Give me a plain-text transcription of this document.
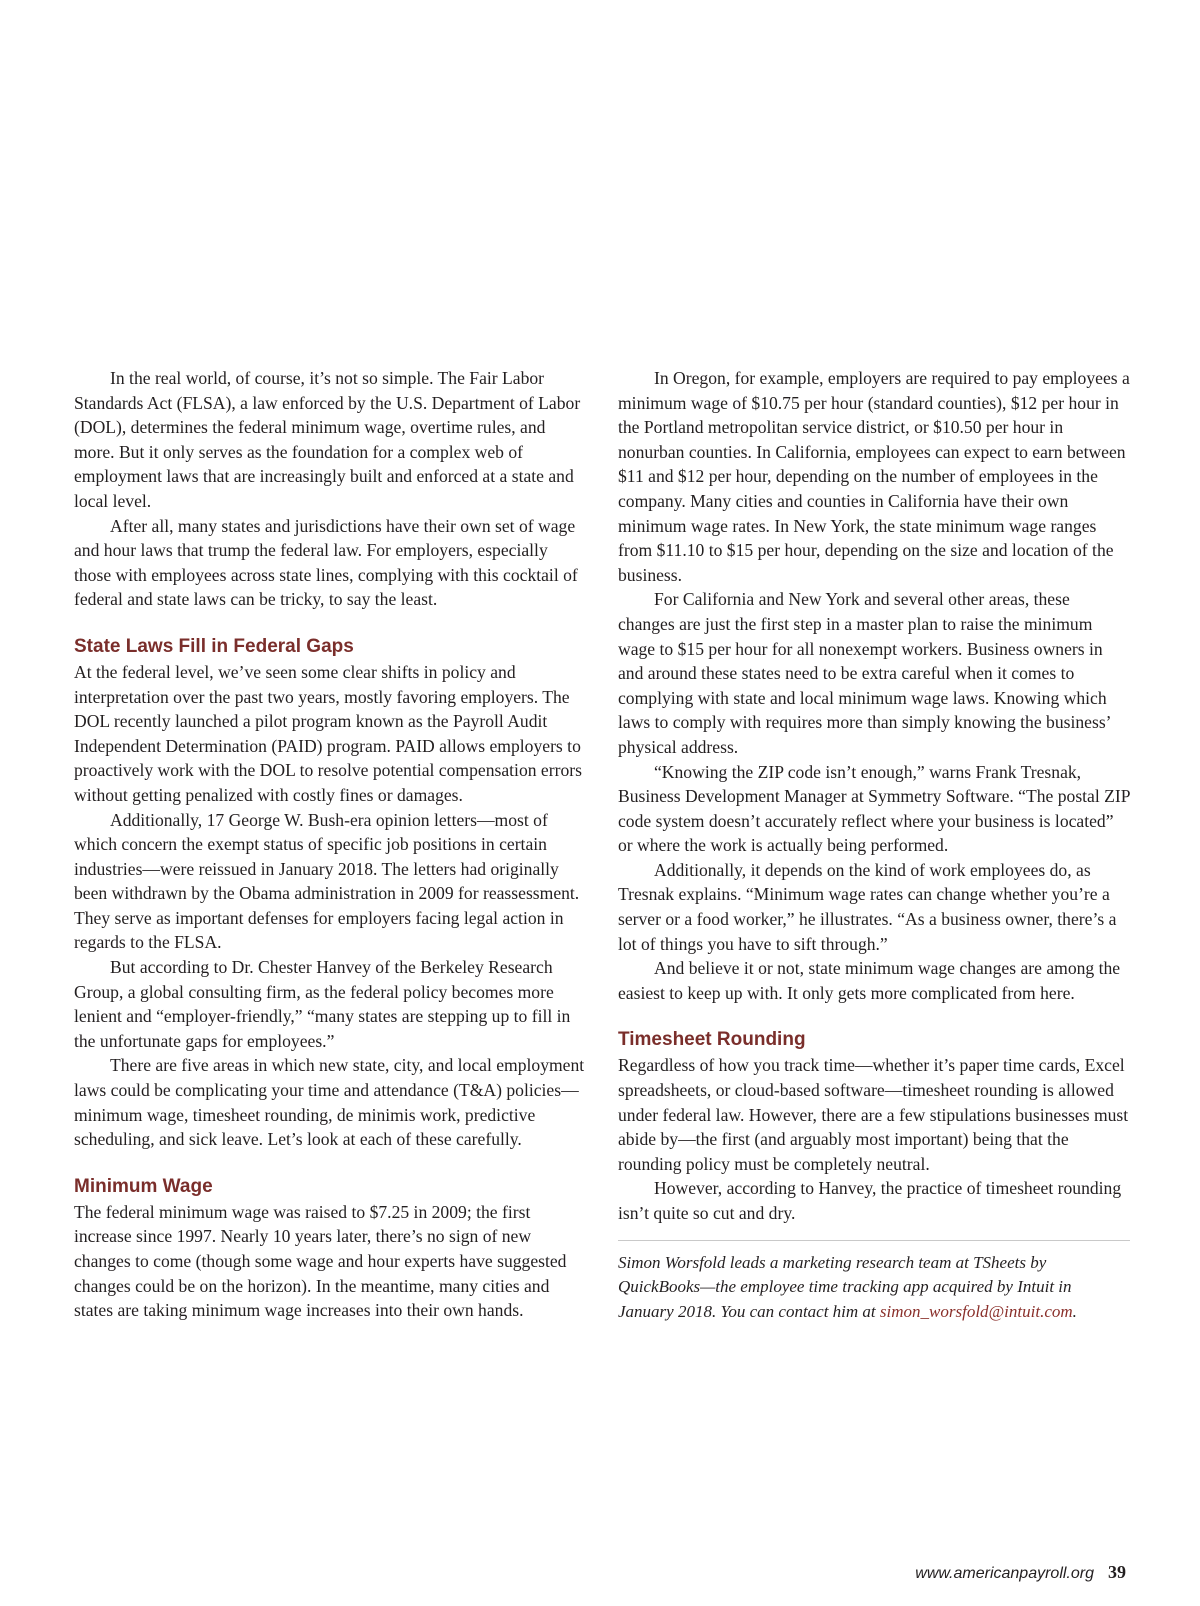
In the real world, of course, it’s not so simple. The Fair Labor Standards Act (FLSA), a law enforced by the U.S. Department of Labor (DOL), determines the federal minimum wage, overtime rules, and more. But it only serves as the foundation for a complex web of employment laws that are increasingly built and enforced at a state and local level.

After all, many states and jurisdictions have their own set of wage and hour laws that trump the federal law. For employers, especially those with employees across state lines, complying with this cocktail of federal and state laws can be tricky, to say the least.

State Laws Fill in Federal Gaps

At the federal level, we’ve seen some clear shifts in policy and interpretation over the past two years, mostly favoring employers. The DOL recently launched a pilot program known as the Payroll Audit Independent Determination (PAID) program. PAID allows employers to proactively work with the DOL to resolve potential compensation errors without getting penalized with costly fines or damages.

Additionally, 17 George W. Bush-era opinion letters—most of which concern the exempt status of specific job positions in certain industries—were reissued in January 2018. The letters had originally been withdrawn by the Obama administration in 2009 for reassessment. They serve as important defenses for employers facing legal action in regards to the FLSA.

But according to Dr. Chester Hanvey of the Berkeley Research Group, a global consulting firm, as the federal policy becomes more lenient and “employer-friendly,” “many states are stepping up to fill in the unfortunate gaps for employees.”

There are five areas in which new state, city, and local employment laws could be complicating your time and attendance (T&A) policies—minimum wage, timesheet rounding, de minimis work, predictive scheduling, and sick leave. Let’s look at each of these carefully.

Minimum Wage

The federal minimum wage was raised to $7.25 in 2009; the first increase since 1997. Nearly 10 years later, there’s no sign of new changes to come (though some wage and hour experts have suggested changes could be on the horizon). In the meantime, many cities and states are taking minimum wage increases into their own hands.

In Oregon, for example, employers are required to pay employees a minimum wage of $10.75 per hour (standard counties), $12 per hour in the Portland metropolitan service district, or $10.50 per hour in nonurban counties. In California, employees can expect to earn between $11 and $12 per hour, depending on the number of employees in the company. Many cities and counties in California have their own minimum wage rates. In New York, the state minimum wage ranges from $11.10 to $15 per hour, depending on the size and location of the business.

For California and New York and several other areas, these changes are just the first step in a master plan to raise the minimum wage to $15 per hour for all nonexempt workers. Business owners in and around these states need to be extra careful when it comes to complying with state and local minimum wage laws. Knowing which laws to comply with requires more than simply knowing the business’ physical address.

“Knowing the ZIP code isn’t enough,” warns Frank Tresnak, Business Development Manager at Symmetry Software. “The postal ZIP code system doesn’t accurately reflect where your business is located” or where the work is actually being performed.

Additionally, it depends on the kind of work employees do, as Tresnak explains. “Minimum wage rates can change whether you’re a server or a food worker,” he illustrates. “As a business owner, there’s a lot of things you have to sift through.”

And believe it or not, state minimum wage changes are among the easiest to keep up with. It only gets more complicated from here.

Timesheet Rounding

Regardless of how you track time—whether it’s paper time cards, Excel spreadsheets, or cloud-based software—timesheet rounding is allowed under federal law. However, there are a few stipulations businesses must abide by—the first (and arguably most important) being that the rounding policy must be completely neutral.

However, according to Hanvey, the practice of timesheet rounding isn’t quite so cut and dry.

Simon Worsfold leads a marketing research team at TSheets by QuickBooks—the employee time tracking app acquired by Intuit in January 2018. You can contact him at simon_worsfold@intuit.com.

www.americanpayroll.org 39
